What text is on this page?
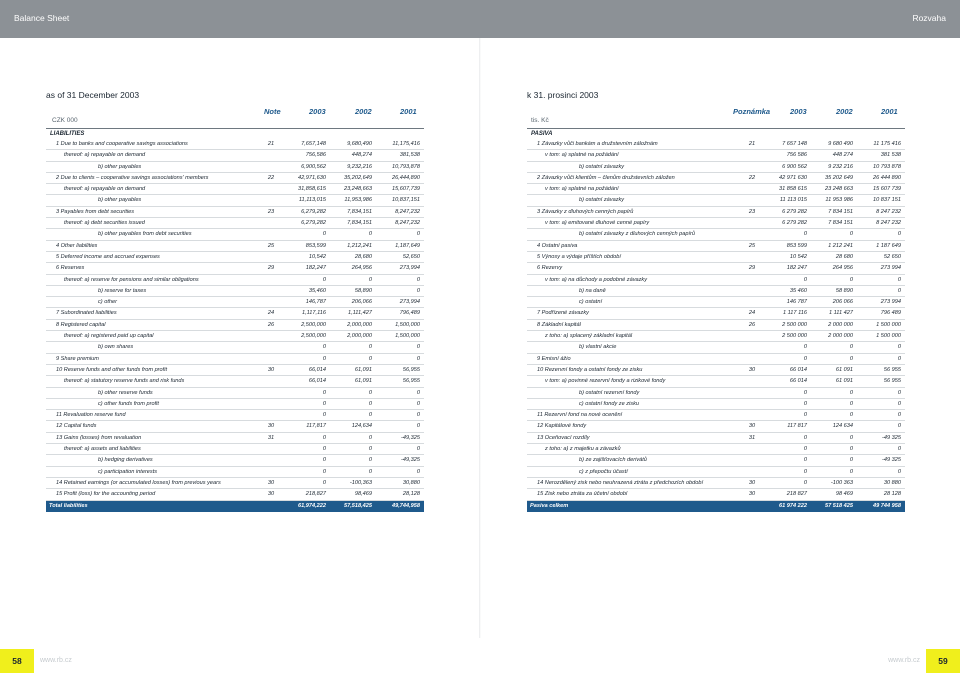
Balance Sheet	Rozvaha
as of 31 December 2003
Note	2003	2002	2001
CZK 000
LIABILITIES
1 Due to banks and cooperative savings associations	21	7,657,148	9,680,490	11,175,416
thereof: a) repayable on demand	756,586	448,274	381,538
b) other payables	6,900,562	9,232,216	10,793,878
2 Due to clients – cooperative savings associations' members	22	42,971,630	35,202,649	26,444,890
thereof: a) repayable on demand	31,858,615	23,248,663	15,607,739
b) other payables	11,113,015	11,953,986	10,837,151
3 Payables from debt securities	23	6,279,282	7,834,151	8,247,232
thereof: a) debt securities issued	6,279,282	7,834,151	8,247,232
b) other payables from debt securities	0	0	0
4 Other liabilities	25	853,599	1,212,241	1,187,649
5 Deferred income and accrued expenses	10,542	28,680	52,650
6 Reserves	29	182,247	264,956	273,994
thereof: a) reserve for pensions and similar obligations	0	0	0
b) reserve for taxes	35,460	58,890	0
c) other	146,787	206,066	273,994
7 Subordinated liabilities	24	1,117,116	1,111,427	796,489
8 Registered capital	26	2,500,000	2,000,000	1,500,000
thereof: a) registered paid up capital	2,500,000	2,000,000	1,500,000
b) own shares	0	0	0
9 Share premium	0	0	0
10 Reserve funds and other funds from profit	30	66,014	61,091	56,955
thereof: a) statutory reserve funds and risk funds	66,014	61,091	56,955
b) other reserve funds	0	0	0
c) other funds from profit	0	0	0
11 Revaluation reserve fund	0	0	0
12 Capital funds	30	117,817	124,634	0
13 Gains (losses) from revaluation	31	0	0	-49,325
thereof: a) assets and liabilities	0	0	0
b) hedging derivatives	0	0	-49,325
c) participation interests	0	0	0
14 Retained earnings (or accumulated losses) from previous years	30	0	-100,363	30,880
15 Profit (loss) for the accounting period	30	218,827	98,469	28,128
Total liabilities	61,974,222	57,518,425	49,744,958
k 31. prosinci 2003
Poznámka	2003	2002	2001
tis. Kč
PASIVA
1 Závazky vůči bankám a družstevním záložnám	21	7 657 148	9 680 490	11 175 416
v tom: a) splatné na požádání	756 586	448 274	381 538
b) ostatní závazky	6 900 562	9 232 216	10 793 878
2 Závazky vůči klientům – členům družstevních záložen	22	42 971 630	35 202 649	26 444 890
v tom: a) splatné na požádání	31 858 615	23 248 663	15 607 739
b) ostatní závazky	11 113 015	11 953 986	10 837 151
3 Závazky z dluhových cenných papírů	23	6 279 282	7 834 151	8 247 232
v tom: a) emitované dluhové cenné papíry	6 279 282	7 834 151	8 247 232
b) ostatní závazky z dluhových cenných papírů	0	0	0
4 Ostatní pasiva	25	853 599	1 212 241	1 187 649
5 Výnosy a výdaje příštích období	10 542	28 680	52 650
6 Rezervy	29	182 247	264 956	273 994
v tom: a) na důchody a podobné závazky	0	0	0
b) na daně	35 460	58 890	0
c) ostatní	146 787	206 066	273 994
7 Podřízené závazky	24	1 117 116	1 111 427	796 489
8 Základní kapitál	26	2 500 000	2 000 000	1 500 000
z toho: a) splacený základní kapitál	2 500 000	2 000 000	1 500 000
b) vlastní akcie	0	0	0
9 Emisní ážio	0	0	0
10 Rezervní fondy a ostatní fondy ze zisku	30	66 014	61 091	56 955
v tom: a) povinné rezervní fondy a rizikové fondy	66 014	61 091	56 955
b) ostatní rezervní fondy	0	0	0
c) ostatní fondy ze zisku	0	0	0
11 Rezervní fond na nové ocenění	0	0	0
12 Kapitálové fondy	30	117 817	124 634	0
13 Oceňovací rozdíly	31	0	0	-49 325
z toho: a) z majetku a závazků	0	0	0
b) ze zajišťovacích derivátů	0	0	-49 325
c) z přepočtu účastí	0	0	0
14 Nerozdělený zisk nebo neuhrazená ztráta z předchozích období	30	0	-100 363	30 880
15 Zisk nebo ztráta za účetní období	30	218 827	98 469	28 128
Pasiva celkem	61 974 222	57 518 425	49 744 958
58	www.rb.cz	www.rb.cz	59
